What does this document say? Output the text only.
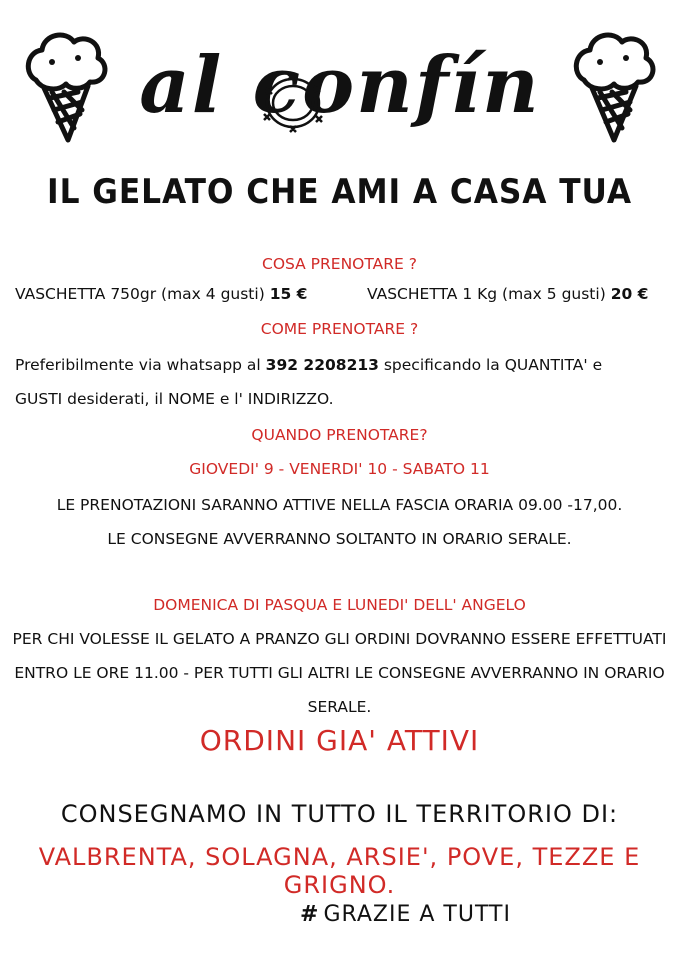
al confín
IL GELATO CHE AMI A CASA TUA
COSA PRENOTARE ?
VASCHETTA 750gr (max 4 gusti) 15 €	VASCHETTA 1 Kg (max 5 gusti) 20 €
COME PRENOTARE ?
Preferibilmente via whatsapp al 392 2208213 specificando la QUANTITA' e
GUSTI desiderati, il NOME e l' INDIRIZZO.
QUANDO PRENOTARE?
GIOVEDI' 9 - VENERDI' 10 - SABATO 11
LE PRENOTAZIONI SARANNO ATTIVE NELLA FASCIA ORARIA 09.00 -17,00.
LE CONSEGNE AVVERRANNO SOLTANTO IN ORARIO SERALE.
DOMENICA DI PASQUA E LUNEDI' DELL' ANGELO
PER CHI VOLESSE IL GELATO A PRANZO GLI ORDINI DOVRANNO ESSERE EFFETTUATI
ENTRO LE ORE 11.00 - PER TUTTI GLI ALTRI LE CONSEGNE AVVERRANNO IN ORARIO
SERALE.
ORDINI GIA' ATTIVI
CONSEGNAMO IN TUTTO IL TERRITORIO DI:
VALBRENTA, SOLAGNA, ARSIE', POVE, TEZZE E GRIGNO.
# GRAZIE A TUTTI
